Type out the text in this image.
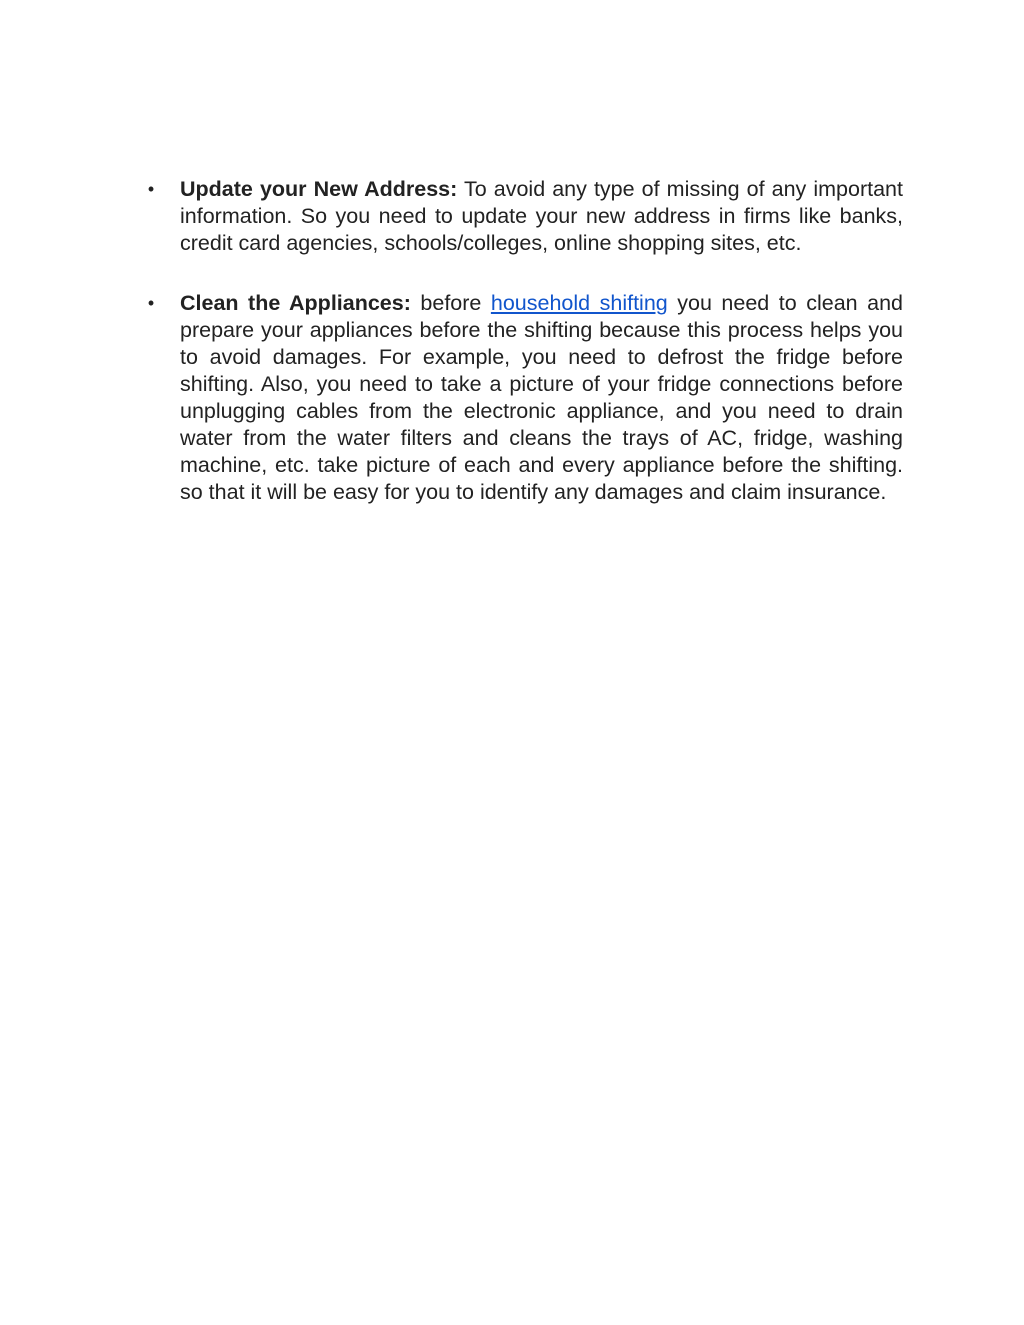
• Update your New Address: To avoid any type of missing of any important information. So you need to update your new address in firms like banks, credit card agencies, schools/colleges, online shopping sites, etc.
• Clean the Appliances: before household shifting you need to clean and prepare your appliances before the shifting because this process helps you to avoid damages. For example, you need to defrost the fridge before shifting. Also, you need to take a picture of your fridge connections before unplugging cables from the electronic appliance, and you need to drain water from the water filters and cleans the trays of AC, fridge, washing machine, etc. take picture of each and every appliance before the shifting. so that it will be easy for you to identify any damages and claim insurance.
